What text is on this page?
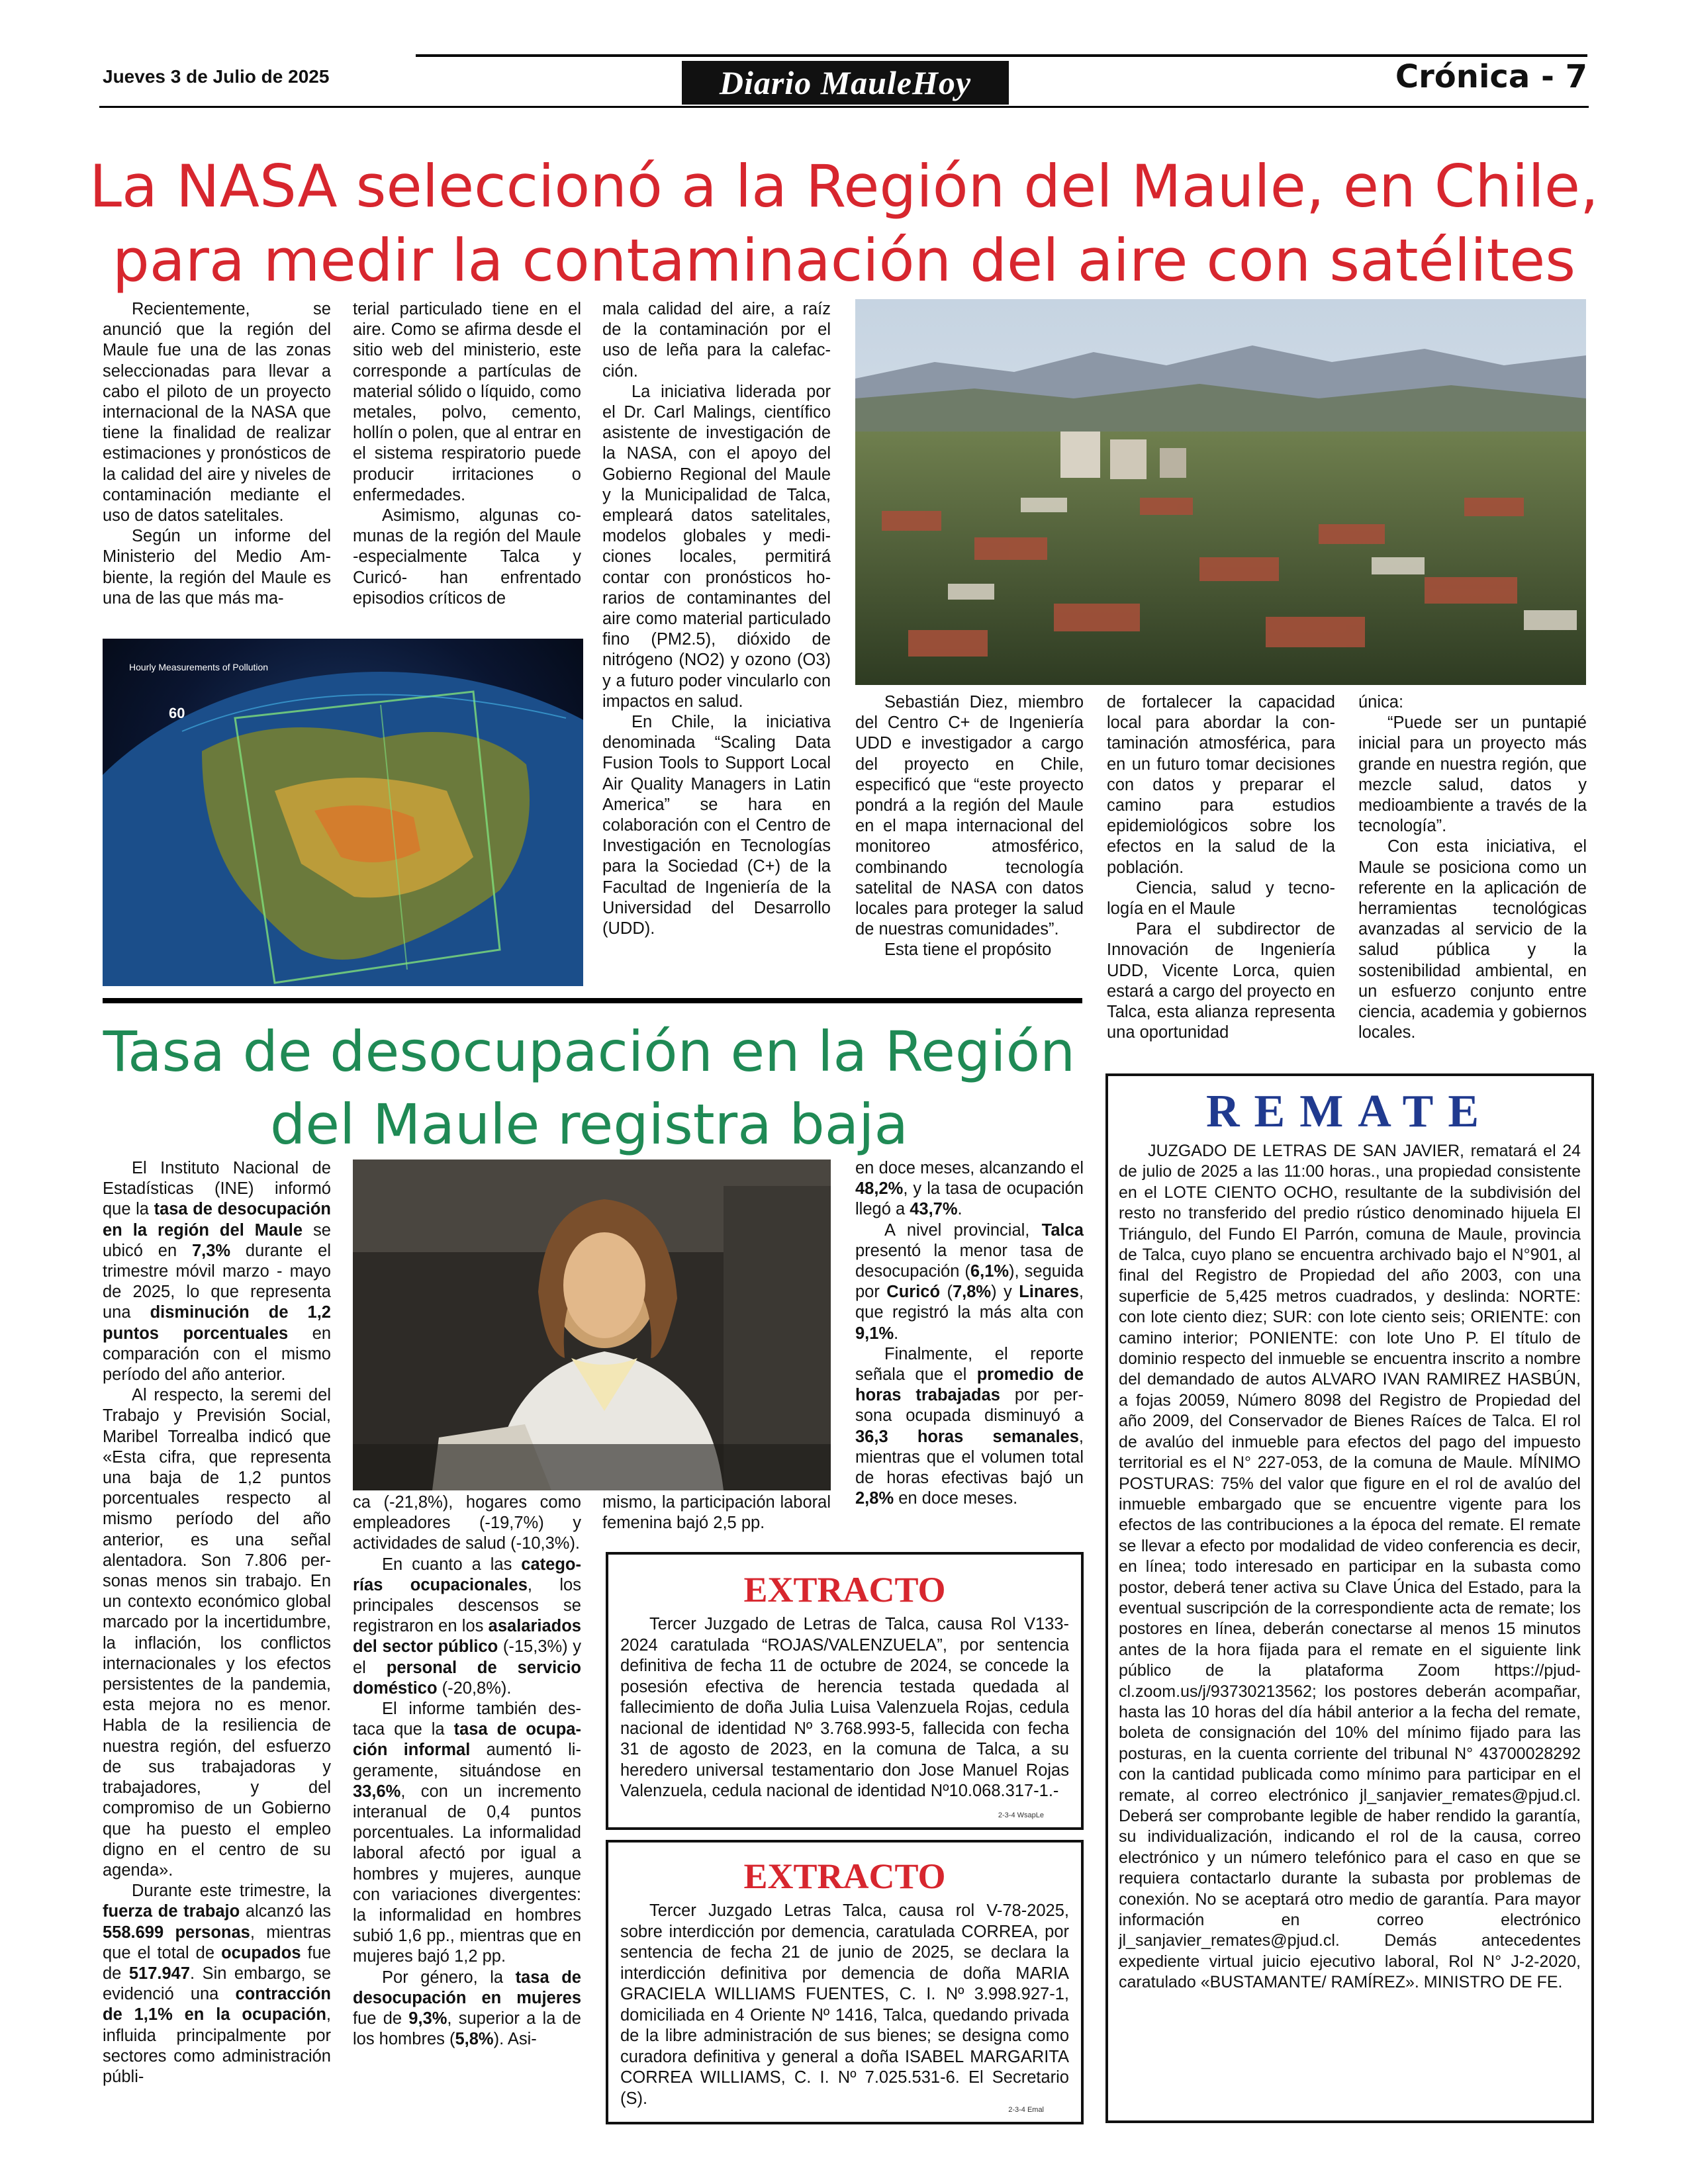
Jueves 3 de Julio de 2025	Diario MauleHoy	Crónica - 7
La NASA seleccionó a la Región del Maule, en Chile, para medir la contaminación del aire con satélites

Recientemente, se anunció que la región del Maule fue una de las zonas seleccionadas para llevar a cabo el piloto de un proyecto internacional de la NASA que tiene la finalidad de realizar estimaciones y pronósticos de la calidad del aire y niveles de contaminación mediante el uso de datos satelitales.

Según un informe del Ministerio del Medio Ambiente, la región del Maule es una de las que más ma-

terial particulado tiene en el aire. Como se afirma desde el sitio web del ministerio, este corresponde a partículas de material sólido o líquido, como metales, polvo, cemento, hollín o polen, que al entrar en el sistema respiratorio puede producir irritaciones o enfermedades.

Asimismo, algunas comunas de la región del Maule -especialmente Talca y Curicó- han enfrentado episodios críticos de

mala calidad del aire, a raíz de la contaminación por el uso de leña para la calefacción.

La iniciativa liderada por el Dr. Carl Malings, científico asistente de investigación de la NASA, con el apoyo del Gobierno Regional del Maule y la Municipalidad de Talca, empleará datos satelitales, modelos globales y mediciones locales, permitirá contar con pronósticos horarios de contaminantes del aire como material particulado fino (PM2.5), dióxido de nitrógeno (NO2) y ozono (O3) y a futuro poder vincularlo con impactos en salud.

En Chile, la iniciativa denominada “Scaling Data Fusion Tools to Support Local Air Quality Managers in Latin America” se hara en colaboración con el Centro de Investigación en Tecnologías para la Sociedad (C+) de la Facultad de Ingeniería de la Universidad del Desarrollo (UDD).

Hourly Measurements of Pollution
60

Sebastián Diez, miembro del Centro C+ de Ingeniería UDD e investigador a cargo del proyecto en Chile, especificó que “este proyecto pondrá a la región del Maule en el mapa internacional del monitoreo atmosférico, combinando tecnología satelital de NASA con datos locales para proteger la salud de nuestras comunidades”.

Esta tiene el propósito

de fortalecer la capacidad local para abordar la contaminación atmosférica, para en un futuro tomar decisiones con datos y preparar el camino para estudios epidemiológicos sobre los efectos en la salud de la población.

Ciencia, salud y tecnología en el Maule

Para el subdirector de Innovación de Ingeniería UDD, Vicente Lorca, quien estará a cargo del proyecto en Talca, esta alianza representa una oportunidad

única:

“Puede ser un puntapié inicial para un proyecto más grande en nuestra región, que mezcle salud, datos y medioambiente a través de la tecnología”.

Con esta iniciativa, el Maule se posiciona como un referente en la aplicación de herramientas tecnológicas avanzadas al servicio de la salud pública y la sostenibilidad ambiental, en un esfuerzo conjunto entre ciencia, academia y gobiernos locales.

Tasa de desocupación en la Región del Maule registra baja

El Instituto Nacional de Estadísticas (INE) informó que la tasa de desocupación en la región del Maule se ubicó en 7,3% durante el trimestre móvil marzo - mayo de 2025, lo que representa una disminución de 1,2 puntos porcentuales en comparación con el mismo período del año anterior.

Al respecto, la seremi del Trabajo y Previsión Social, Maribel Torrealba indicó que «Esta cifra, que representa una baja de 1,2 puntos porcentuales respecto al mismo período del año anterior, es una señal alentadora. Son 7.806 personas menos sin trabajo. En un contexto económico global marcado por la incertidumbre, la inflación, los conflictos internacionales y los efectos persistentes de la pandemia, esta mejora no es menor. Habla de la resiliencia de nuestra región, del esfuerzo de sus trabajadoras y trabajadores, y del compromiso de un Gobierno que ha puesto el empleo digno en el centro de su agenda».

Durante este trimestre, la fuerza de trabajo alcanzó las 558.699 personas, mientras que el total de ocupados fue de 517.947. Sin embargo, se evidenció una contracción de 1,1% en la ocupación, influida principalmente por sectores como administración públi-

ca (-21,8%), hogares como empleadores (-19,7%) y actividades de salud (-10,3%).

En cuanto a las categorías ocupacionales, los principales descensos se registraron en los asalariados del sector público (-15,3%) y el personal de servicio doméstico (-20,8%).

El informe también destaca que la tasa de ocupación informal aumentó ligeramente, situándose en 33,6%, con un incremento interanual de 0,4 puntos porcentuales. La informalidad laboral afectó por igual a hombres y mujeres, aunque con variaciones divergentes: la informalidad en hombres subió 1,6 pp., mientras que en mujeres bajó 1,2 pp.

Por género, la tasa de desocupación en mujeres fue de 9,3%, superior a la de los hombres (5,8%). Asi-

mismo, la participación laboral femenina bajó 2,5 pp.

en doce meses, alcanzando el 48,2%, y la tasa de ocupación llegó a 43,7%.

A nivel provincial, Talca presentó la menor tasa de desocupación (6,1%), seguida por Curicó (7,8%) y Linares, que registró la más alta con 9,1%.

Finalmente, el reporte señala que el promedio de horas trabajadas por persona ocupada disminuyó a 36,3 horas semanales, mientras que el volumen total de horas efectivas bajó un 2,8% en doce meses.

EXTRACTO
Tercer Juzgado de Letras de Talca, causa Rol V133-2024 caratulada “ROJAS/VALENZUELA”, por sentencia definitiva de fecha 11 de octubre de 2024, se concede la posesión efectiva de herencia testada quedada al fallecimiento de doña Julia Luisa Valenzuela Rojas, cedula nacional de identidad Nº 3.768.993-5, fallecida con fecha 31 de agosto de 2023, en la comuna de Talca, a su heredero universal testamentario don Jose Manuel Rojas Valenzuela, cedula nacional de identidad Nº10.068.317-1.-
2-3-4 WsapLe
EXTRACTO
Tercer Juzgado Letras Talca, causa rol V-78-2025, sobre interdicción por demencia, caratulada CORREA, por sentencia de fecha 21 de junio de 2025, se declara la interdicción definitiva por demencia de doña MARIA GRACIELA WILLIAMS FUENTES, C. I. Nº 3.998.927-1, domiciliada en 4 Oriente Nº 1416, Talca, quedando privada de la libre administración de sus bienes; se designa como curadora definitiva y general a doña ISABEL MARGARITA CORREA WILLIAMS, C. I. Nº 7.025.531-6. El Secretario (S).
2-3-4 Emal
REMATE
JUZGADO DE LETRAS DE SAN JAVIER, rematará el 24 de julio de 2025 a las 11:00 horas., una propiedad consistente en el LOTE CIENTO OCHO, resultante de la subdivisión del resto no transferido del predio rústico denominado hijuela El Triángulo, del Fundo El Parrón, comuna de Maule, provincia de Talca, cuyo plano se encuentra archivado bajo el N°901, al final del Registro de Propiedad del año 2003, con una superficie de 5,425 metros cuadrados, y deslinda: NORTE: con lote ciento diez; SUR: con lote ciento seis; ORIENTE: con camino interior; PONIENTE: con lote Uno P. El título de dominio respecto del inmueble se encuentra inscrito a nombre del demandado de autos ALVARO IVAN RAMIREZ HASBÚN, a fojas 20059, Número 8098 del Registro de Propiedad del año 2009, del Conservador de Bienes Raíces de Talca. El rol de avalúo del inmueble para efectos del pago del impuesto territorial es el N° 227-053, de la comuna de Maule. MÍNIMO POSTURAS: 75% del valor que figure en el rol de avalúo del inmueble embargado que se encuentre vigente para los efectos de las contribuciones a la época del remate. El remate se llevar a efecto por modalidad de video conferencia es decir, en línea; todo interesado en participar en la subasta como postor, deberá tener activa su Clave Única del Estado, para la eventual suscripción de la correspondiente acta de remate; los postores en línea, deberán conectarse al menos 15 minutos antes de la hora fijada para el remate en el siguiente link público de la plataforma Zoom https://pjud-cl.zoom.us/j/93730213562; los postores deberán acompañar, hasta las 10 horas del día hábil anterior a la fecha del remate, boleta de consignación del 10% del mínimo fijado para las posturas, en la cuenta corriente del tribunal N° 43700028292 con la cantidad publicada como mínimo para participar en el remate, al correo electrónico jl_sanjavier_remates@pjud.cl. Deberá ser comprobante legible de haber rendido la garantía, su individualización, indicando el rol de la causa, correo electrónico y un número telefónico para el caso en que se requiera contactarlo durante la subasta por problemas de conexión. No se aceptará otro medio de garantía. Para mayor información en correo electrónico jl_sanjavier_remates@pjud.cl. Demás antecedentes expediente virtual juicio ejecutivo laboral, Rol N° J-2-2020, caratulado «BUSTAMANTE/ RAMÍREZ». MINISTRO DE FE.
